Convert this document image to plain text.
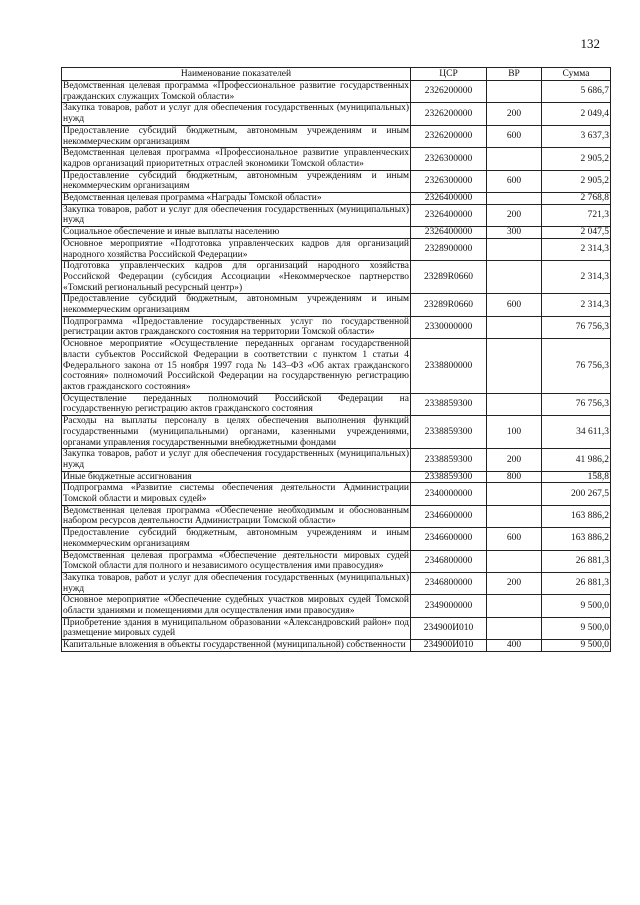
132
Наименование показателей	ЦСР	ВР	Сумма
Ведомственная целевая программа «Профессиональное развитие государственных гражданских служащих Томской области»	2326200000		5 686,7
Закупка товаров, работ и услуг для обеспечения государственных (муниципальных) нужд	2326200000	200	2 049,4
Предоставление субсидий бюджетным, автономным учреждениям и иным некоммерческим организациям	2326200000	600	3 637,3
Ведомственная целевая программа «Профессиональное развитие управленческих кадров организаций приоритетных отраслей экономики Томской области»	2326300000		2 905,2
Предоставление субсидий бюджетным, автономным учреждениям и иным некоммерческим организациям	2326300000	600	2 905,2
Ведомственная целевая программа «Награды Томской области»	2326400000		2 768,8
Закупка товаров, работ и услуг для обеспечения государственных (муниципальных) нужд	2326400000	200	721,3
Социальное обеспечение и иные выплаты населению	2326400000	300	2 047,5
Основное мероприятие «Подготовка управленческих кадров для организаций народного хозяйства Российской Федерации»	2328900000		2 314,3
Подготовка управленческих кадров для организаций народного хозяйства Российской Федерации (субсидия Ассоциации «Некоммерческое партнерство «Томский региональный ресурсный центр»)	23289R0660		2 314,3
Предоставление субсидий бюджетным, автономным учреждениям и иным некоммерческим организациям	23289R0660	600	2 314,3
Подпрограмма «Предоставление государственных услуг по государственной регистрации актов гражданского состояния на территории Томской области»	2330000000		76 756,3
Основное мероприятие «Осуществление переданных органам государственной власти субъектов Российской Федерации в соответствии с пунктом 1 статьи 4 Федерального закона от 15 ноября 1997 года № 143–ФЗ «Об актах гражданского состояния» полномочий Российской Федерации на государственную регистрацию актов гражданского состояния»	2338800000		76 756,3
Осуществление переданных полномочий Российской Федерации на государственную регистрацию актов гражданского состояния	2338859300		76 756,3
Расходы на выплаты персоналу в целях обеспечения выполнения функций государственными (муниципальными) органами, казенными учреждениями, органами управления государственными внебюджетными фондами	2338859300	100	34 611,3
Закупка товаров, работ и услуг для обеспечения государственных (муниципальных) нужд	2338859300	200	41 986,2
Иные бюджетные ассигнования	2338859300	800	158,8
Подпрограмма «Развитие системы обеспечения деятельности Администрации Томской области и мировых судей»	2340000000		200 267,5
Ведомственная целевая программа «Обеспечение необходимым и обоснованным набором ресурсов деятельности Администрации Томской области»	2346600000		163 886,2
Предоставление субсидий бюджетным, автономным учреждениям и иным некоммерческим организациям	2346600000	600	163 886,2
Ведомственная целевая программа «Обеспечение деятельности мировых судей Томской области для полного и независимого осуществления ими правосудия»	2346800000		26 881,3
Закупка товаров, работ и услуг для обеспечения государственных (муниципальных) нужд	2346800000	200	26 881,3
Основное мероприятие «Обеспечение судебных участков мировых судей Томской области зданиями и помещениями для осуществления ими правосудия»	2349000000		9 500,0
Приобретение здания в муниципальном образовании «Александровский район» под размещение мировых судей	234900И010		9 500,0
Капитальные вложения в объекты государственной (муниципальной) собственности	234900И010	400	9 500,0
